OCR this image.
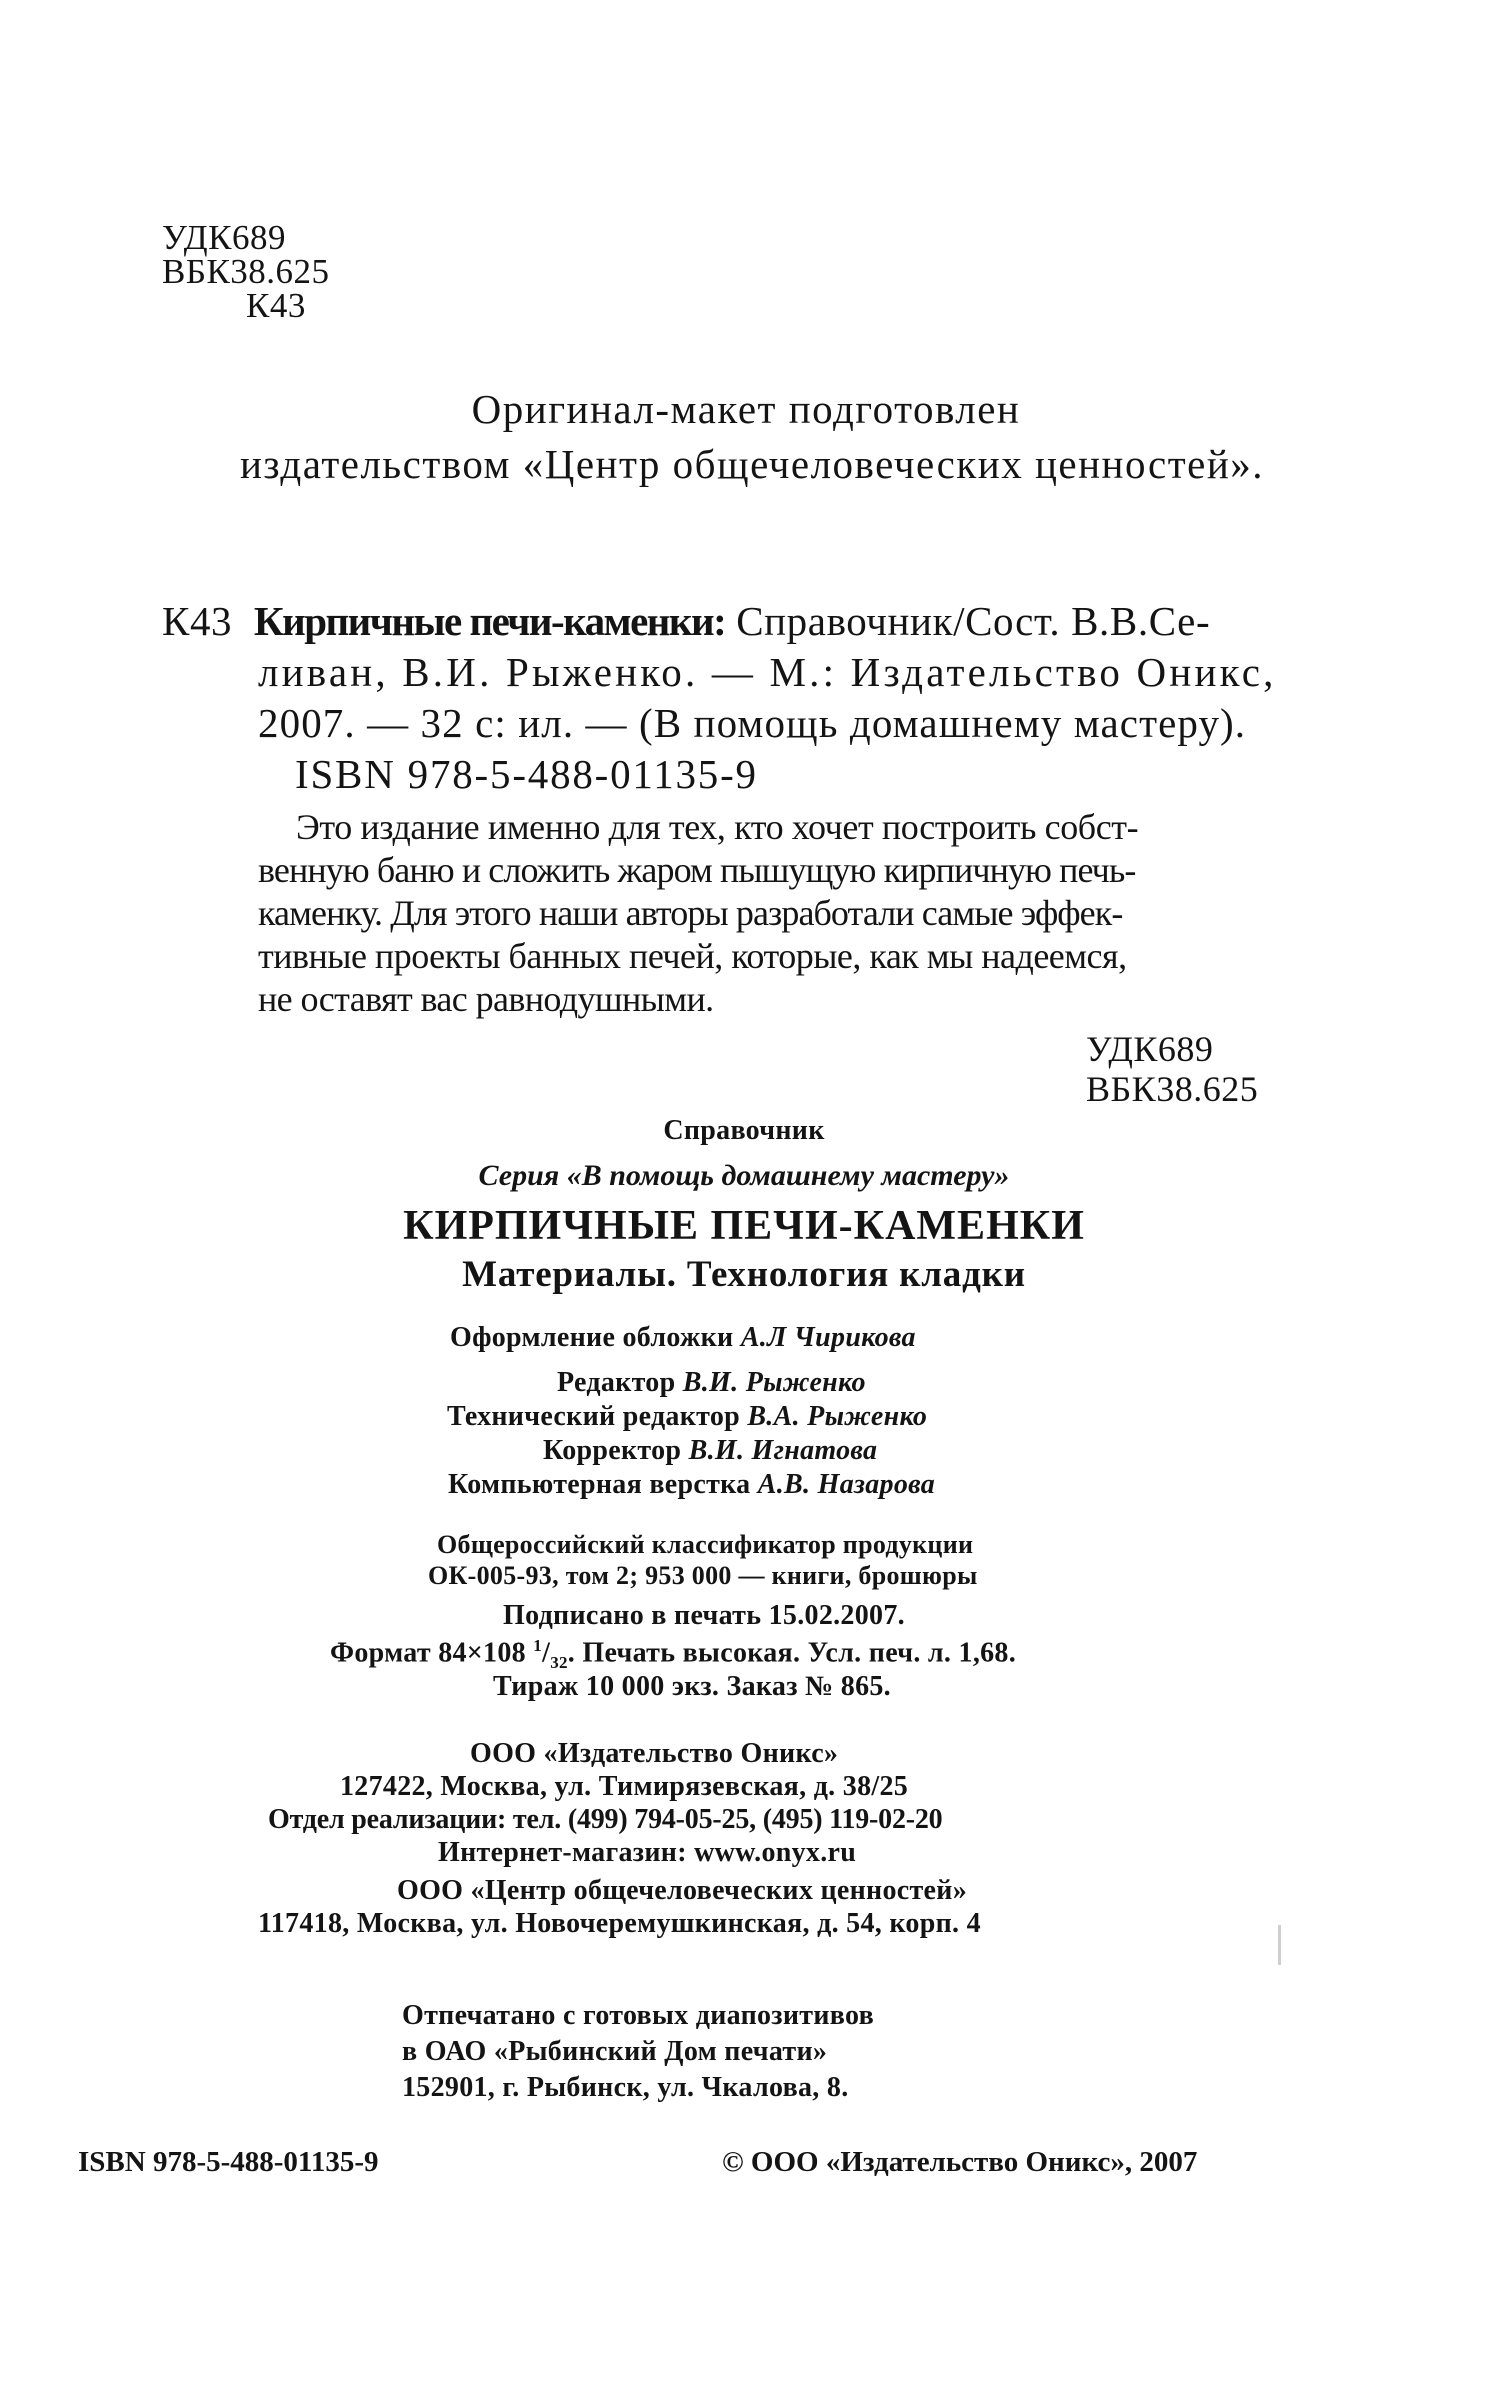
УДК689
ВБК38.625
К43
Оригинал-макет подготовлен
издательством «Центр общечеловеческих ценностей».
К43 Кирпичные печи-каменки: Справочник/Сост. В.В.Се-
ливан, В.И. Рыженко. — М.: Издательство Оникс,
2007. — 32 с: ил. — (В помощь домашнему мастеру).
ISBN 978-5-488-01135-9
Это издание именно для тех, кто хочет построить собст-
венную баню и сложить жаром пышущую кирпичную печь-
каменку. Для этого наши авторы разработали самые эффек-
тивные проекты банных печей, которые, как мы надеемся,
не оставят вас равнодушными.
УДК689
ВБК38.625
Справочник
Серия «В помощь домашнему мастеру»
КИРПИЧНЫЕ ПЕЧИ-КАМЕНКИ
Материалы. Технология кладки
Оформление обложки А.Л Чирикова
Редактор В.И. Рыженко
Технический редактор В.А. Рыженко
Корректор В.И. Игнатова
Компьютерная верстка А.В. Назарова
Общероссийский классификатор продукции
ОК-005-93, том 2; 953 000 — книги, брошюры
Подписано в печать 15.02.2007.
Формат 84×108 $^1/_{32}$. Печать высокая. Усл. печ. л. 1,68.
Тираж 10 000 экз. Заказ № 865.
ООО «Издательство Оникс»
127422, Москва, ул. Тимирязевская, д. 38/25
Отдел реализации: тел. (499) 794-05-25, (495) 119-02-20
Интернет-магазин: www.onyx.ru
ООО «Центр общечеловеческих ценностей»
117418, Москва, ул. Новочеремушкинская, д. 54, корп. 4
Отпечатано с готовых диапозитивов
в ОАО «Рыбинский Дом печати»
152901, г. Рыбинск, ул. Чкалова, 8.
ISBN 978-5-488-01135-9	© ООО «Издательство Оникс», 2007
